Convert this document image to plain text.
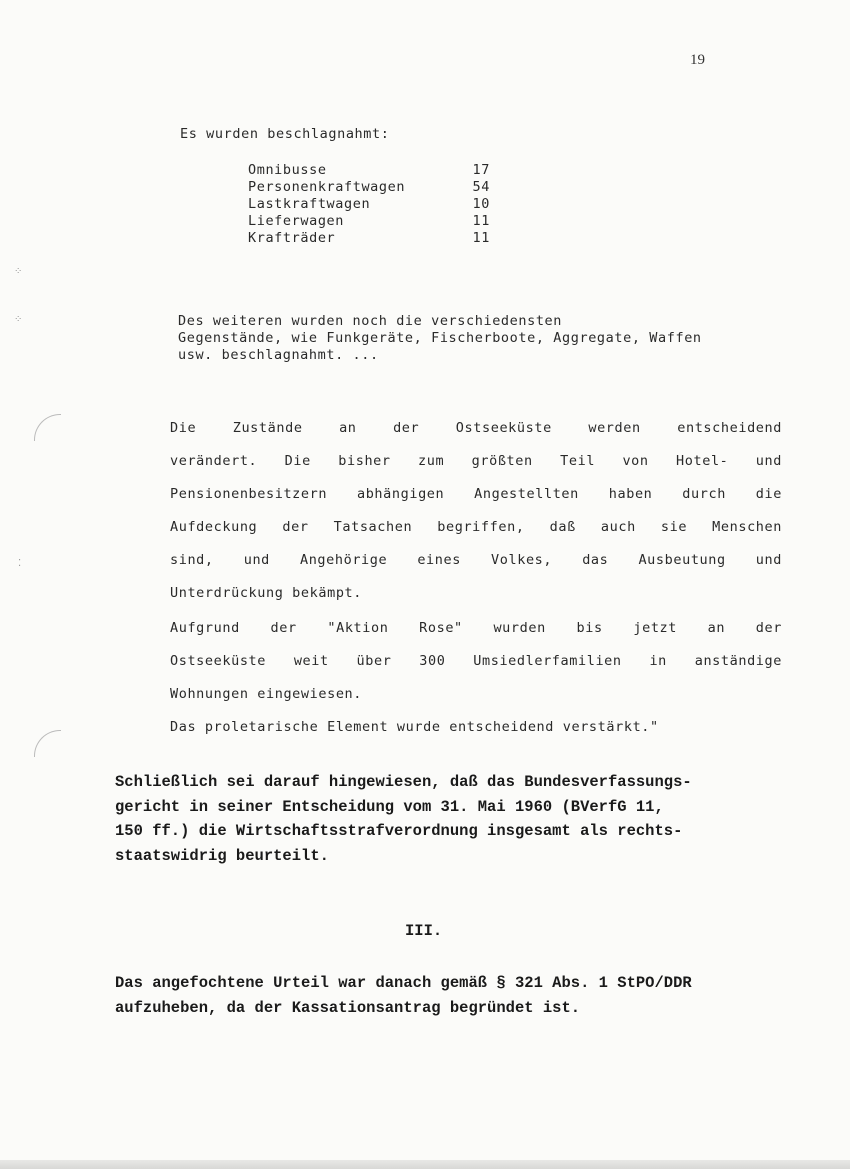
19
Es wurden beschlagnahmt:
Omnibusse	17
Personenkraftwagen	54
Lastkraftwagen	10
Lieferwagen	11
Krafträder	11
Des weiteren wurden noch die verschiedensten
Gegenstände, wie Funkgeräte, Fischerboote, Aggregate, Waffen
usw. beschlagnahmt. ...
Die Zustände an der Ostseeküste werden entscheidend
verändert. Die bisher zum größten Teil von Hotel- und
Pensionenbesitzern abhängigen Angestellten haben durch die
Aufdeckung der Tatsachen begriffen, daß auch sie Menschen
sind, und Angehörige eines Volkes, das Ausbeutung und
Unterdrückung bekämpt.
Aufgrund der "Aktion Rose" wurden bis jetzt an der
Ostseeküste weit über 300 Umsiedlerfamilien in anständige
Wohnungen eingewiesen.
Das proletarische Element wurde entscheidend verstärkt."
Schließlich sei darauf hingewiesen, daß das Bundesverfassungs-
gericht in seiner Entscheidung vom 31. Mai 1960 (BVerfG 11,
150 ff.) die Wirtschaftsstrafverordnung insgesamt als rechts-
staatswidrig beurteilt.
III.
Das angefochtene Urteil war danach gemäß § 321 Abs. 1 StPO/DDR
aufzuheben, da der Kassationsantrag begründet ist.
⁘
⁘
⁚
